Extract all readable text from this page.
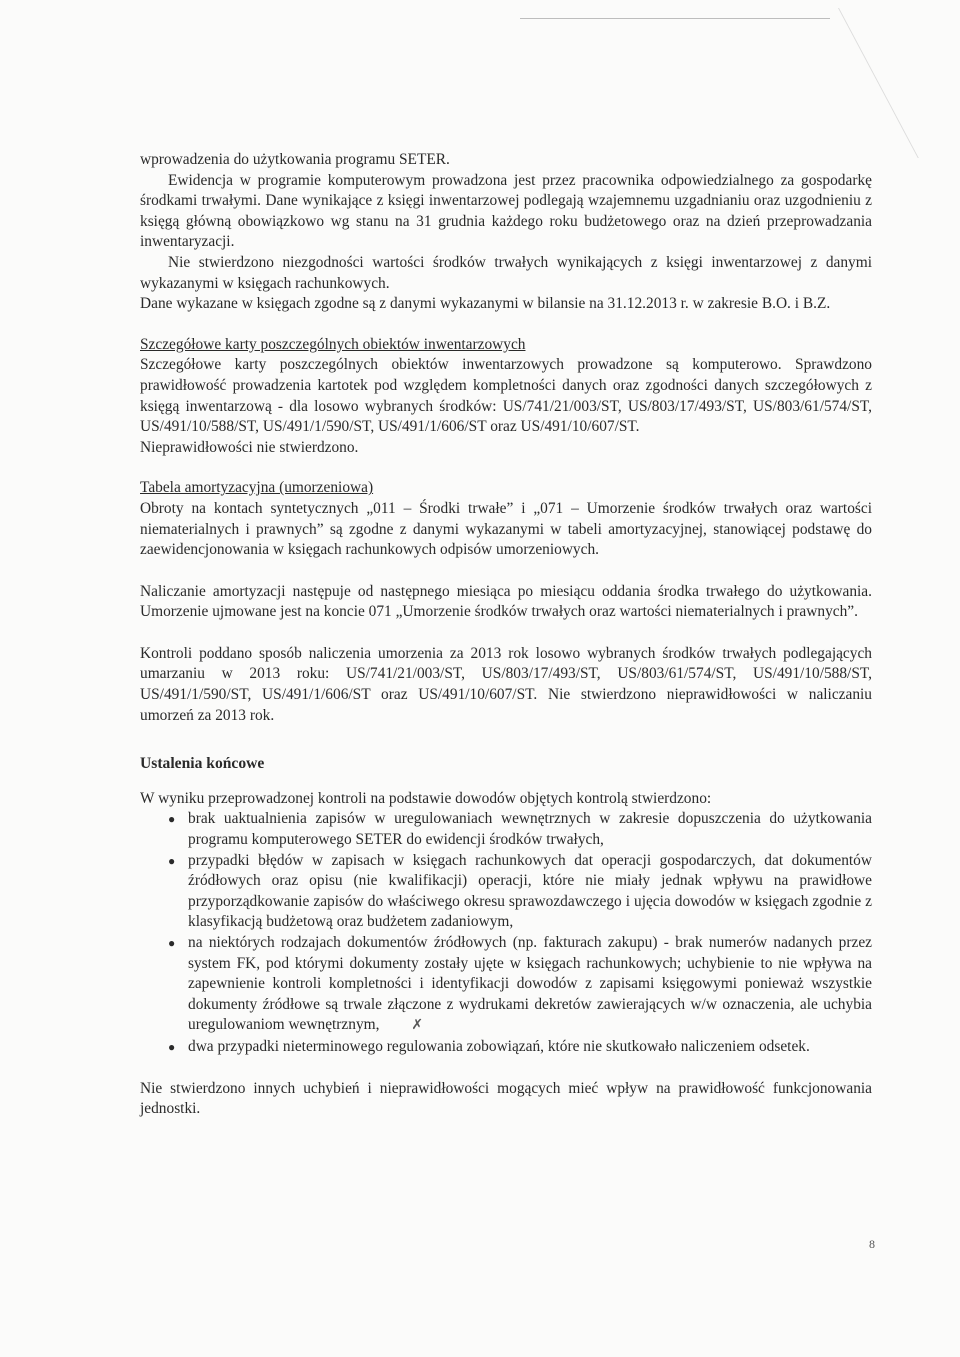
wprowadzenia do użytkowania programu SETER.

Ewidencja w programie komputerowym prowadzona jest przez pracownika odpowiedzialnego za gospodarkę środkami trwałymi. Dane wynikające z księgi inwentarzowej podlegają wzajemnemu uzgadnianiu oraz uzgodnieniu z księgą główną obowiązkowo wg stanu na 31 grudnia każdego roku budżetowego oraz na dzień przeprowadzania inwentaryzacji.

Nie stwierdzono niezgodności wartości środków trwałych wynikających z księgi inwentarzowej z danymi wykazanymi w księgach rachunkowych.

Dane wykazane w księgach zgodne są z danymi wykazanymi w bilansie na 31.12.2013 r. w zakresie B.O. i B.Z.

Szczegółowe karty poszczególnych obiektów inwentarzowych

Szczegółowe karty poszczególnych obiektów inwentarzowych prowadzone są komputerowo. Sprawdzono prawidłowość prowadzenia kartotek pod względem kompletności danych oraz zgodności danych szczegółowych z księgą inwentarzową - dla losowo wybranych środków: US/741/21/003/ST, US/803/17/493/ST, US/803/61/574/ST, US/491/10/588/ST, US/491/1/590/ST, US/491/1/606/ST oraz US/491/10/607/ST.

Nieprawidłowości nie stwierdzono.

Tabela amortyzacyjna (umorzeniowa)

Obroty na kontach syntetycznych „011 – Środki trwałe” i „071 – Umorzenie środków trwałych oraz wartości niematerialnych i prawnych” są zgodne z danymi wykazanymi w tabeli amortyzacyjnej, stanowiącej podstawę do zaewidencjonowania w księgach rachunkowych odpisów umorzeniowych.

Naliczanie amortyzacji następuje od następnego miesiąca po miesiącu oddania środka trwałego do użytkowania. Umorzenie ujmowane jest na koncie 071 „Umorzenie środków trwałych oraz wartości niematerialnych i prawnych”.

Kontroli poddano sposób naliczenia umorzenia za 2013 rok losowo wybranych środków trwałych podlegających umarzaniu w 2013 roku: US/741/21/003/ST, US/803/17/493/ST, US/803/61/574/ST, US/491/10/588/ST, US/491/1/590/ST, US/491/1/606/ST oraz US/491/10/607/ST. Nie stwierdzono nieprawidłowości w naliczaniu umorzeń za 2013 rok.

Ustalenia końcowe

W wyniku przeprowadzonej kontroli na podstawie dowodów objętych kontrolą stwierdzono:

● brak uaktualnienia zapisów w uregulowaniach wewnętrznych w zakresie dopuszczenia do użytkowania programu komputerowego SETER do ewidencji środków trwałych,
● przypadki błędów w zapisach w księgach rachunkowych dat operacji gospodarczych, dat dokumentów źródłowych oraz opisu (nie kwalifikacji) operacji, które nie miały jednak wpływu na prawidłowe przyporządkowanie zapisów do właściwego okresu sprawozdawczego i ujęcia dowodów w księgach zgodnie z klasyfikacją budżetową oraz budżetem zadaniowym,
● na niektórych rodzajach dokumentów źródłowych (np. fakturach zakupu) - brak numerów nadanych przez system FK, pod którymi dokumenty zostały ujęte w księgach rachunkowych; uchybienie to nie wpływa na zapewnienie kontroli kompletności i identyfikacji dowodów z zapisami księgowymi ponieważ wszystkie dokumenty źródłowe są trwale złączone z wydrukami dekretów zawierających w/w oznaczenia, ale uchybia uregulowaniom wewnętrznym, ✗
● dwa przypadki nieterminowego regulowania zobowiązań, które nie skutkowało naliczeniem odsetek.

Nie stwierdzono innych uchybień i nieprawidłowości mogących mieć wpływ na prawidłowość funkcjonowania jednostki.

8
